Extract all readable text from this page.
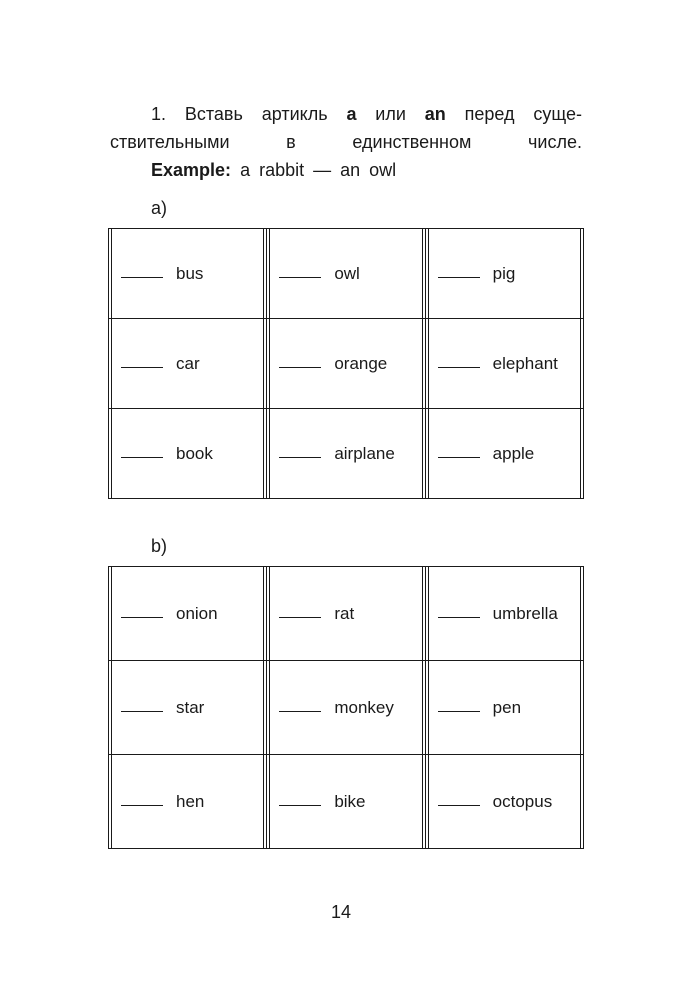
1. Вставь артикль a или an перед суще-
ствительными в единственном числе.
Example: a rabbit — an owl
a)
bus	owl	pig
car	orange	elephant
book	airplane	apple
b)
onion	rat	umbrella
star	monkey	pen
hen	bike	octopus
14
